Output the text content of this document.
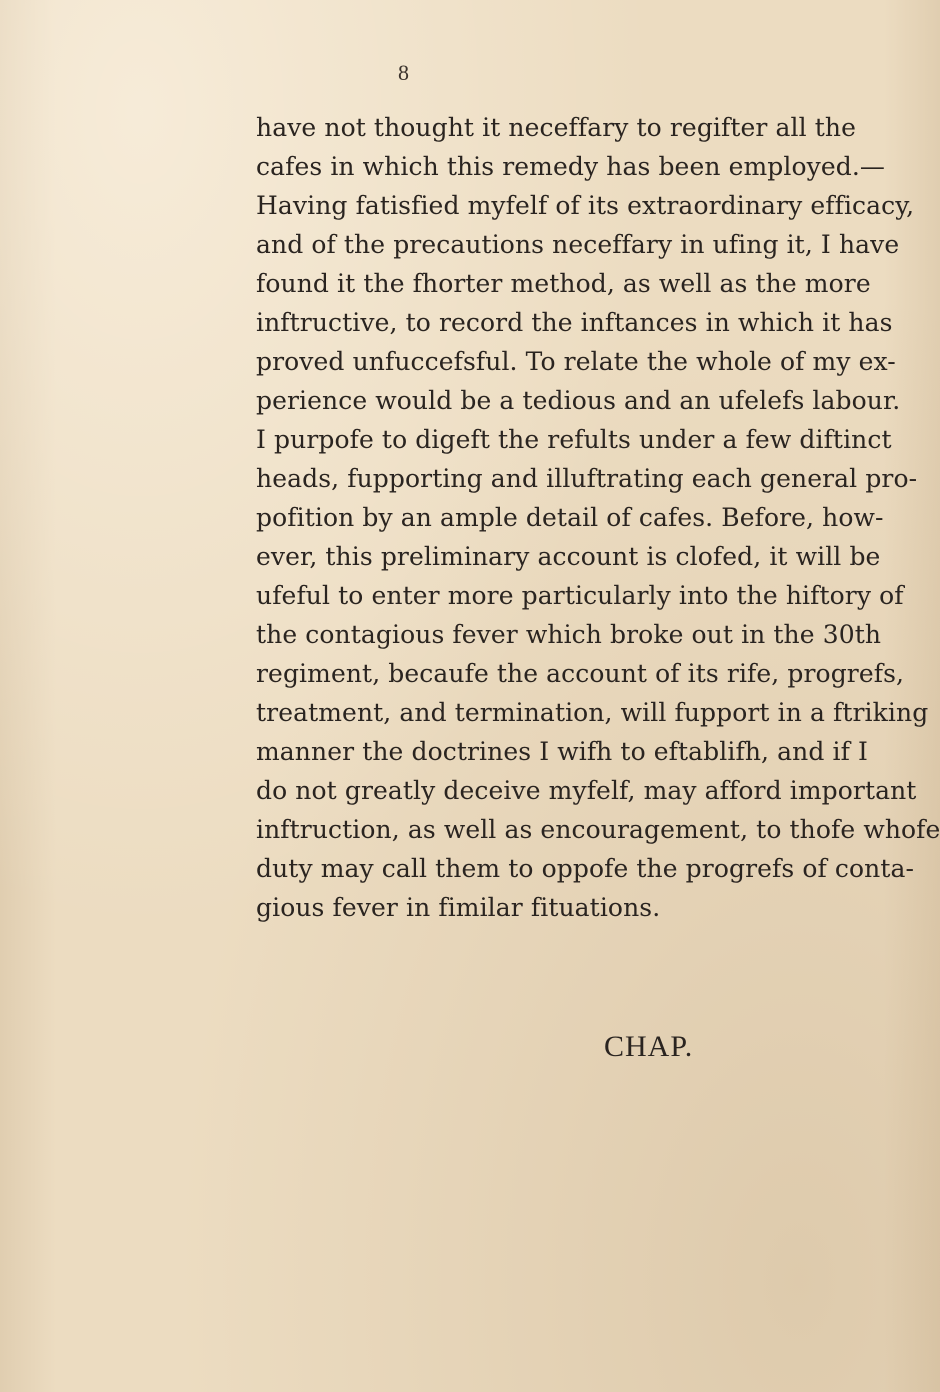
8
have not thought it neceffary to regifter all the
cafes in which this remedy has been employed.—
Having fatisfied myfelf of its extraordinary efficacy,
and of the precautions neceffary in ufing it, I have
found it the fhorter method, as well as the more
inftructive, to record the inftances in which it has
proved unfuccefsful. To relate the whole of my ex-
perience would be a tedious and an ufelefs labour.
I purpofe to digeft the refults under a few diftinct
heads, fupporting and illuftrating each general pro-
pofition by an ample detail of cafes. Before, how-
ever, this preliminary account is clofed, it will be
ufeful to enter more particularly into the hiftory of
the contagious fever which broke out in the 30th
regiment, becaufe the account of its rife, progrefs,
treatment, and termination, will fupport in a ftriking
manner the doctrines I wifh to eftablifh, and if I
do not greatly deceive myfelf, may afford important
inftruction, as well as encouragement, to thofe whofe
duty may call them to oppofe the progrefs of conta-
gious fever in fimilar fituations.
CHAP.
